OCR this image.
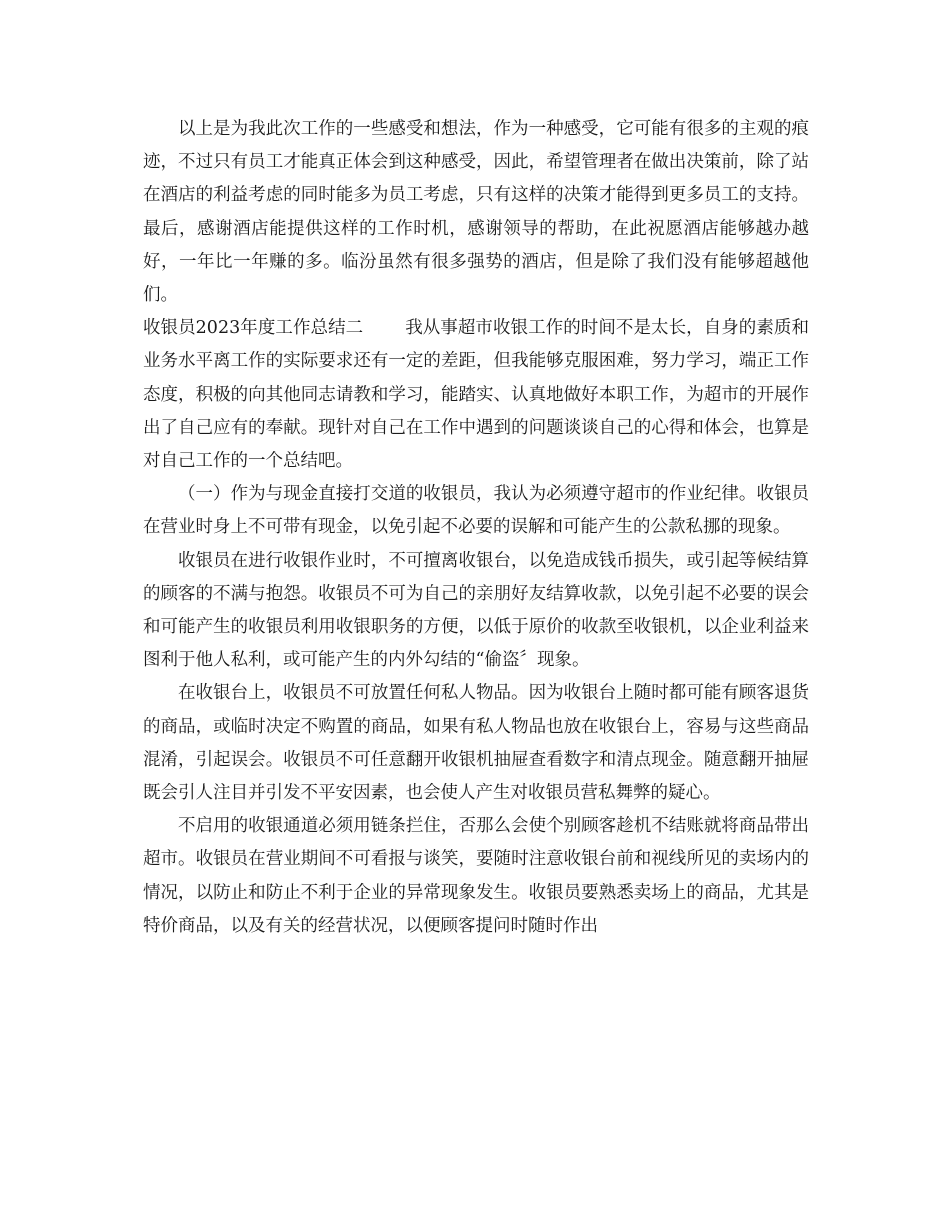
以上是为我此次工作的一些感受和想法，作为一种感受，它可能有很多的主观的痕迹，不过只有员工才能真正体会到这种感受，因此，希望管理者在做出决策前，除了站在酒店的利益考虑的同时能多为员工考虑，只有这样的决策才能得到更多员工的支持。最后，感谢酒店能提供这样的工作时机，感谢领导的帮助，在此祝愿酒店能够越办越好，一年比一年赚的多。临汾虽然有很多强势的酒店，但是除了我们没有能够超越他们。

收银员2023年度工作总结二 我从事超市收银工作的时间不是太长，自身的素质和业务水平离工作的实际要求还有一定的差距，但我能够克服困难，努力学习，端正工作态度，积极的向其他同志请教和学习，能踏实、认真地做好本职工作，为超市的开展作出了自己应有的奉献。现针对自己在工作中遇到的问题谈谈自己的心得和体会，也算是对自己工作的一个总结吧。

（一）作为与现金直接打交道的收银员，我认为必须遵守超市的作业纪律。收银员在营业时身上不可带有现金，以免引起不必要的误解和可能产生的公款私挪的现象。

收银员在进行收银作业时，不可擅离收银台，以免造成钱币损失，或引起等候结算的顾客的不满与抱怨。收银员不可为自己的亲朋好友结算收款，以免引起不必要的误会和可能产生的收银员利用收银职务的方便，以低于原价的收款至收银机，以企业利益来图利于他人私利，或可能产生的内外勾结的“偷盗〞现象。

在收银台上，收银员不可放置任何私人物品。因为收银台上随时都可能有顾客退货的商品，或临时决定不购置的商品，如果有私人物品也放在收银台上，容易与这些商品混淆，引起误会。收银员不可任意翻开收银机抽屉查看数字和清点现金。随意翻开抽屉既会引人注目并引发不平安因素，也会使人产生对收银员营私舞弊的疑心。

不启用的收银通道必须用链条拦住，否那么会使个别顾客趁机不结账就将商品带出超市。收银员在营业期间不可看报与谈笑，要随时注意收银台前和视线所见的卖场内的情况，以防止和防止不利于企业的异常现象发生。收银员要熟悉卖场上的商品，尤其是特价商品，以及有关的经营状况，以便顾客提问时随时作出
